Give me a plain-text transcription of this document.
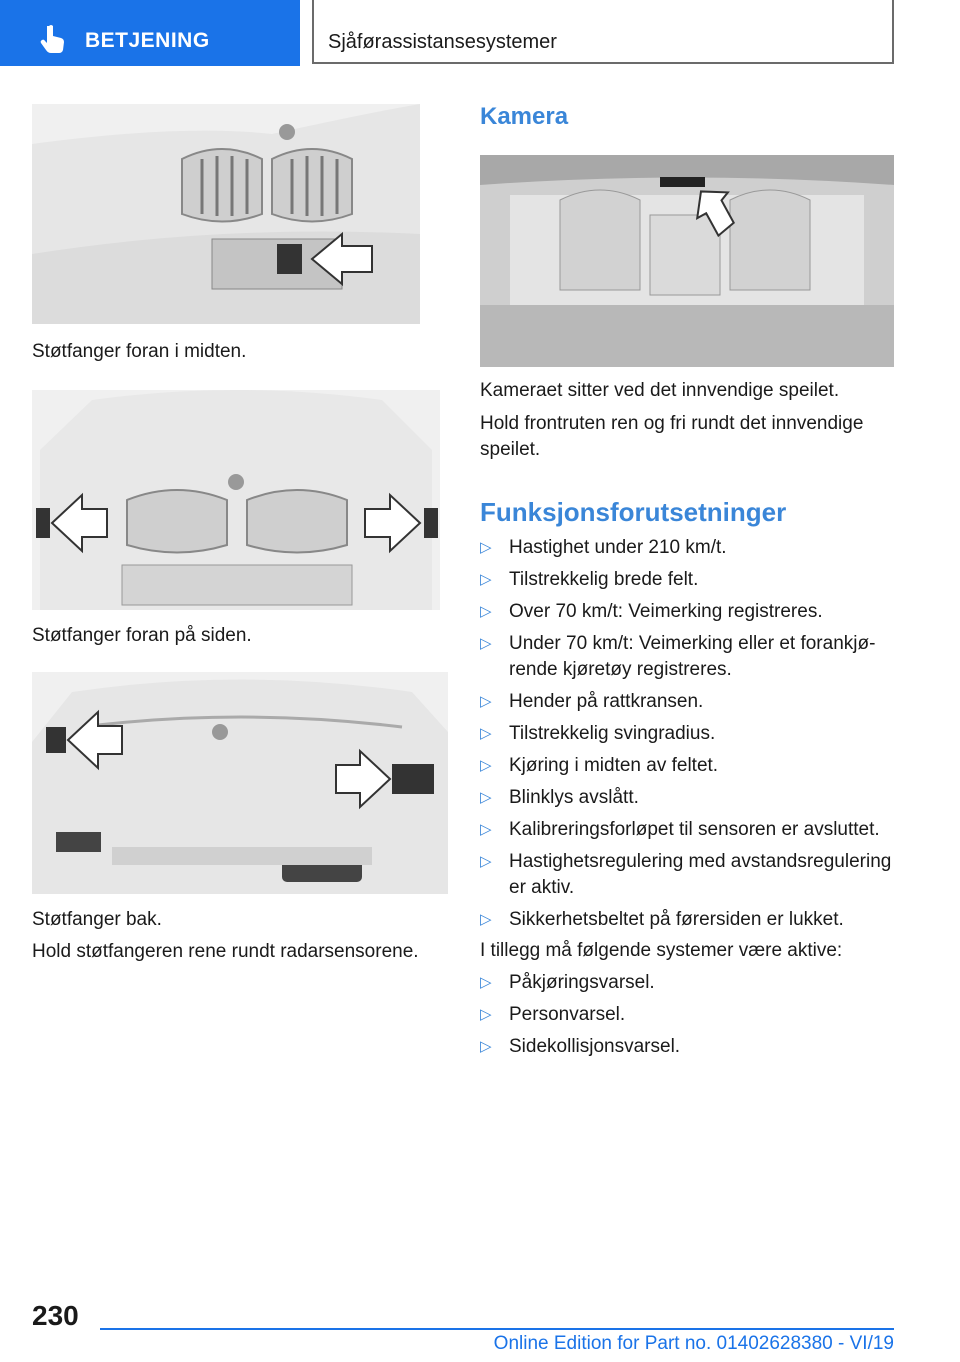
BETJENING	Sjåførassistansesystemer
Støtfanger foran i midten.
Støtfanger foran på siden.
Støtfanger bak.
Hold støtfangeren rene rundt radarsensorene.
Kamera
Kameraet sitter ved det innvendige speilet.
Hold frontruten ren og fri rundt det innvendige speilet.
Funksjonsforutsetninger
▷ Hastighet under 210 km/t.
▷ Tilstrekkelig brede felt.
▷ Over 70 km/t: Veimerking registreres.
▷ Under 70 km/t: Veimerking eller et forankjørende kjøretøy registreres.
▷ Hender på rattkransen.
▷ Tilstrekkelig svingradius.
▷ Kjøring i midten av feltet.
▷ Blinklys avslått.
▷ Kalibreringsforløpet til sensoren er avsluttet.
▷ Hastighetsregulering med avstandsregulering er aktiv.
▷ Sikkerhetsbeltet på førersiden er lukket.
I tillegg må følgende systemer være aktive:
▷ Påkjøringsvarsel.
▷ Personvarsel.
▷ Sidekollisjonsvarsel.
230
Online Edition for Part no. 01402628380 - VI/19
